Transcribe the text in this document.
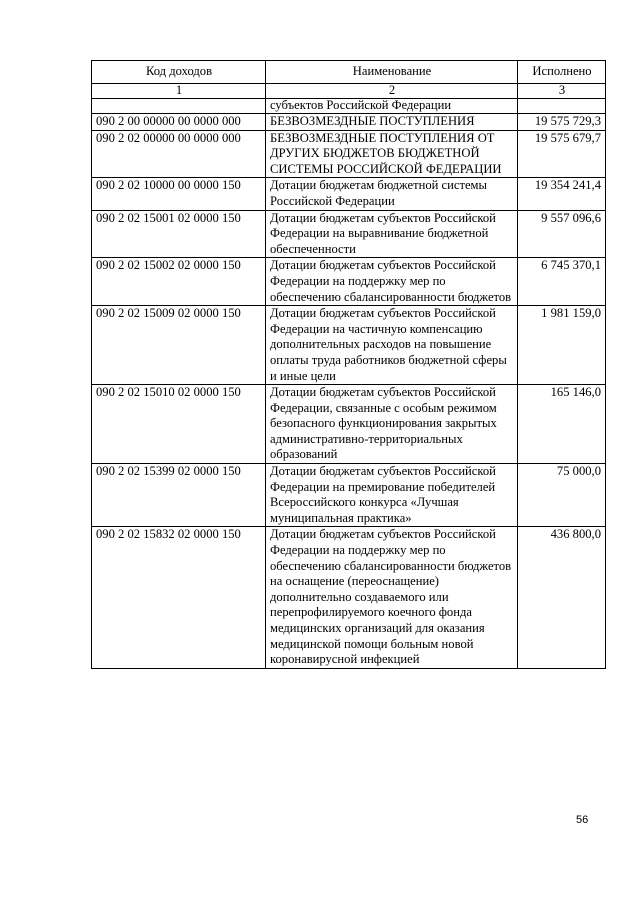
Код доходов	Наименование	Исполнено
1	2	3
	субъектов Российской Федерации	
090 2 00 00000 00 0000 000	БЕЗВОЗМЕЗДНЫЕ ПОСТУПЛЕНИЯ	19 575 729,3
090 2 02 00000 00 0000 000	БЕЗВОЗМЕЗДНЫЕ ПОСТУПЛЕНИЯ ОТ ДРУГИХ БЮДЖЕТОВ БЮДЖЕТНОЙ СИСТЕМЫ РОССИЙСКОЙ ФЕДЕРАЦИИ	19 575 679,7
090 2 02 10000 00 0000 150	Дотации бюджетам бюджетной системы Российской Федерации	19 354 241,4
090 2 02 15001 02 0000 150	Дотации бюджетам субъектов Российской Федерации на выравнивание бюджетной обеспеченности	9 557 096,6
090 2 02 15002 02 0000 150	Дотации бюджетам субъектов Российской Федерации на поддержку мер по обеспечению сбалансированности бюджетов	6 745 370,1
090 2 02 15009 02 0000 150	Дотации бюджетам субъектов Российской Федерации на частичную компенсацию дополнительных расходов на повышение оплаты труда работников бюджетной сферы и иные цели	1 981 159,0
090 2 02 15010 02 0000 150	Дотации бюджетам субъектов Российской Федерации, связанные с особым режимом безопасного функционирования закрытых административно-территориальных образований	165 146,0
090 2 02 15399 02 0000 150	Дотации бюджетам субъектов Российской Федерации на премирование победителей Всероссийского конкурса «Лучшая муниципальная практика»	75 000,0
090 2 02 15832 02 0000 150	Дотации бюджетам субъектов Российской Федерации на поддержку мер по обеспечению сбалансированности бюджетов на оснащение (переоснащение) дополнительно создаваемого или перепрофилируемого коечного фонда медицинских организаций для оказания медицинской помощи больным новой коронавирусной инфекцией	436 800,0
56
